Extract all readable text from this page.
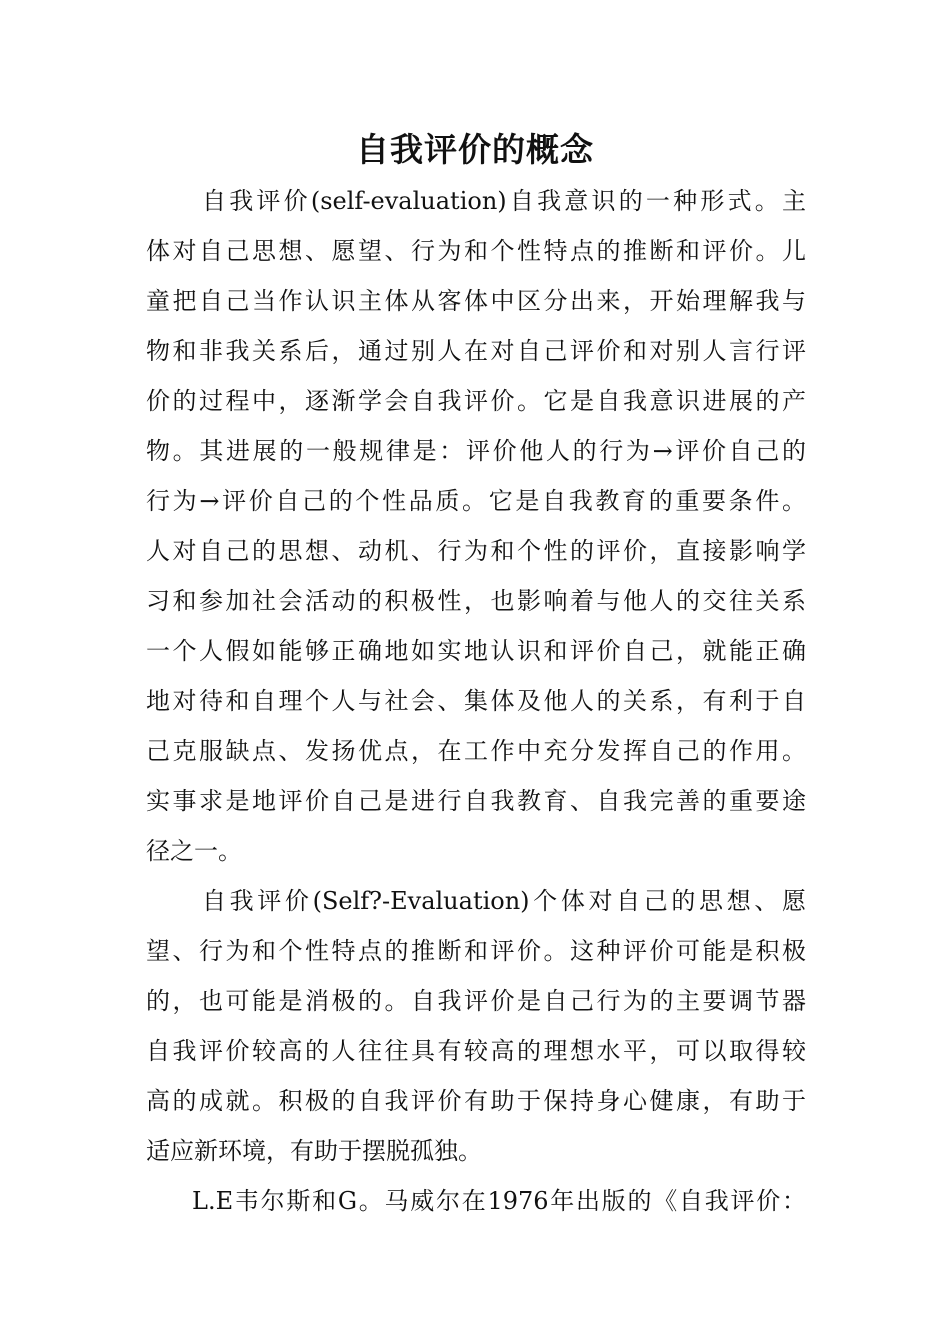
自我评价的概念
自我评价(self-evaluation)自我意识的一种形式。主
体对自己思想、愿望、行为和个性特点的推断和评价。儿
童把自己当作认识主体从客体中区分出来，开始理解我与
物和非我关系后，通过别人在对自己评价和对别人言行评
价的过程中，逐渐学会自我评价。它是自我意识进展的产
物。其进展的一般规律是：评价他人的行为→评价自己的
行为→评价自己的个性品质。它是自我教育的重要条件。
人对自己的思想、动机、行为和个性的评价，直接影响学
习和参加社会活动的积极性，也影响着与他人的交往关系
一个人假如能够正确地如实地认识和评价自己，就能正确
地对待和自理个人与社会、集体及他人的关系，有利于自
己克服缺点、发扬优点，在工作中充分发挥自己的作用。
实事求是地评价自己是进行自我教育、自我完善的重要途
径之一。
自我评价(Self?-Evaluation)个体对自己的思想、愿
望、行为和个性特点的推断和评价。这种评价可能是积极
的，也可能是消极的。自我评价是自己行为的主要调节器
自我评价较高的人往往具有较高的理想水平，可以取得较
高的成就。积极的自我评价有助于保持身心健康，有助于
适应新环境，有助于摆脱孤独。
L.E韦尔斯和G。马威尔在1976年出版的《自我评价：
